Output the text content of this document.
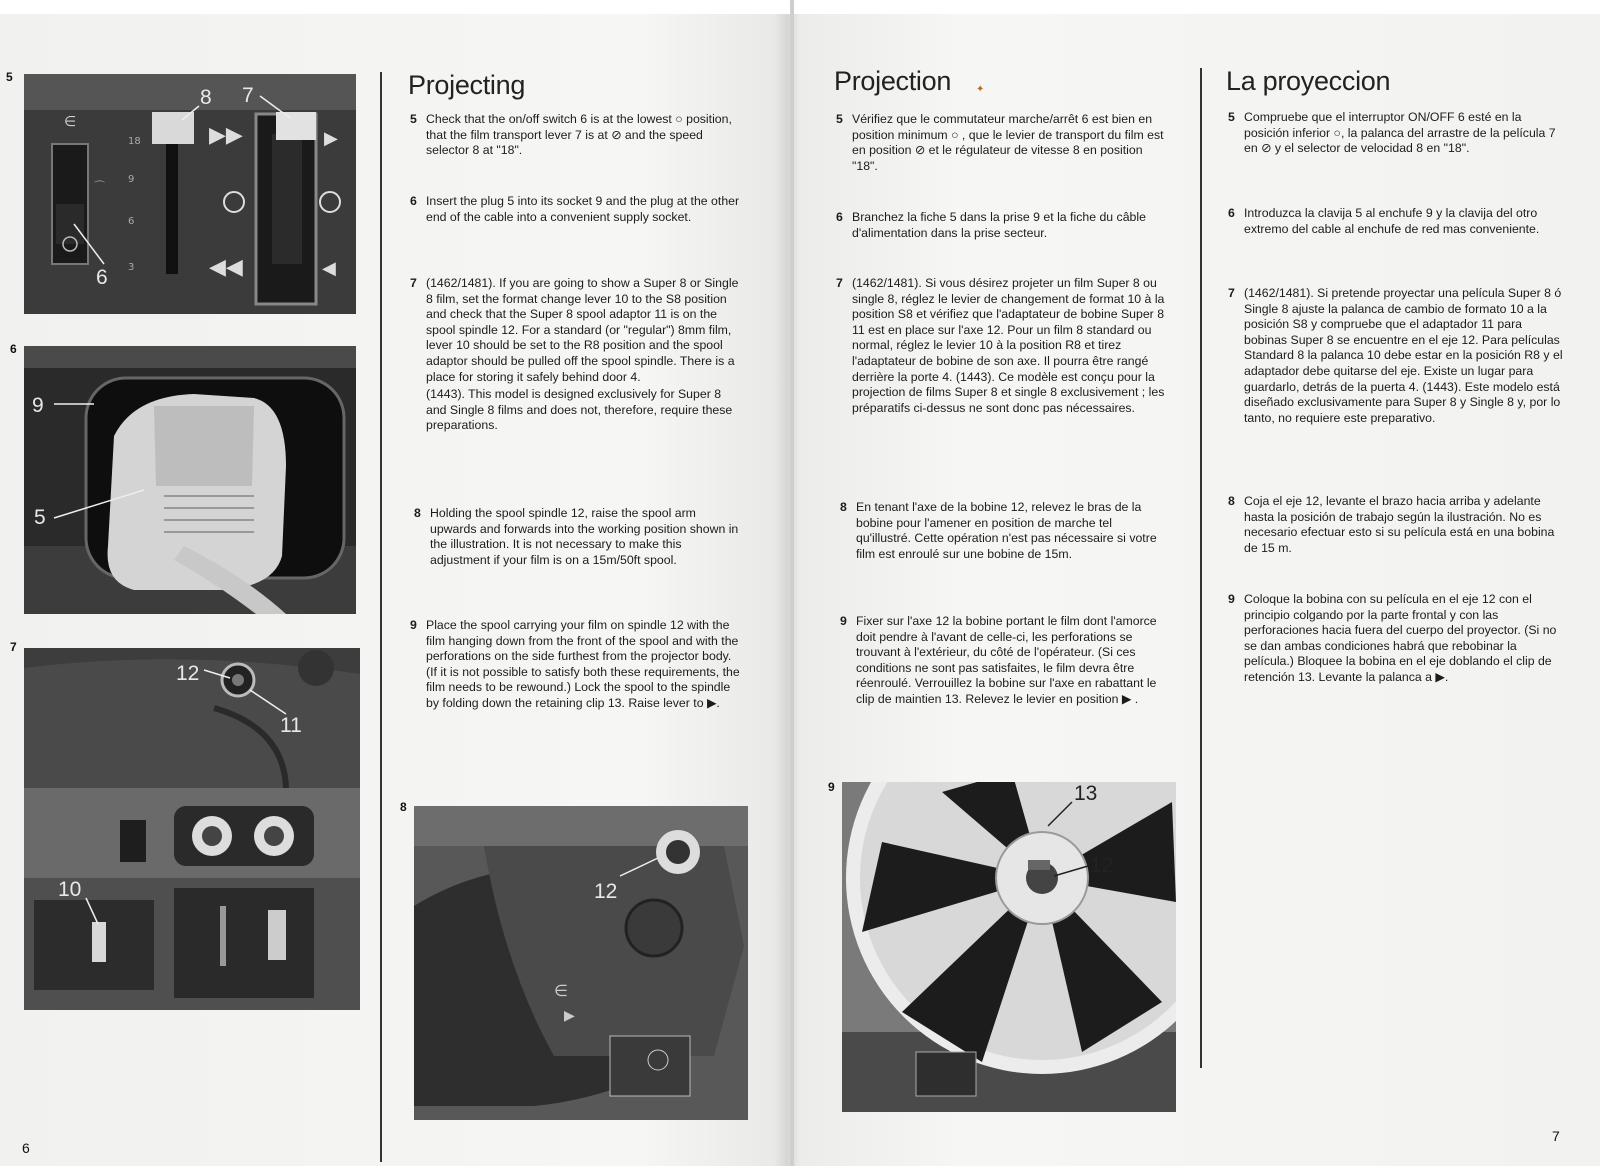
5
∈
⌒
▶▶
◀◀
▶
◀
18
9
6
3
8 7
6
6
9
5
7
12
11
10
8
∈
▶
12
Projecting
5 Check that the on/off switch 6 is at the lowest ○ position, that the film transport lever 7 is at ⊘ and the speed selector 8 at "18".
6 Insert the plug 5 into its socket 9 and the plug at the other end of the cable into a convenient supply socket.
7 (1462/1481). If you are going to show a Super 8 or Single 8 film, set the format change lever 10 to the S8 position and check that the Super 8 spool adaptor 11 is on the spool spindle 12. For a standard (or "regular") 8mm film, lever 10 should be set to the R8 position and the spool adaptor should be pulled off the spool spindle. There is a place for storing it safely behind door 4.

(1443). This model is designed exclusively for Super 8 and Single 8 films and does not, therefore, require these preparations.

8 Holding the spool spindle 12, raise the spool arm upwards and forwards into the working position shown in the illustration. It is not necessary to make this adjustment if your film is on a 15m/50ft spool.
9 Place the spool carrying your film on spindle 12 with the film hanging down from the front of the spool and with the perforations on the side furthest from the projector body. (If it is not possible to satisfy both these requirements, the film needs to be rewound.) Lock the spool to the spindle by folding down the retaining clip 13. Raise lever to ▶.
6
Projection ✦
5 Vérifiez que le commutateur marche/arrêt 6 est bien en position minimum ○ , que le levier de transport du film est en position ⊘ et le régulateur de vitesse 8 en position "18".
6 Branchez la fiche 5 dans la prise 9 et la fiche du câble d'alimentation dans la prise secteur.
7 (1462/1481). Si vous désirez projeter un film Super 8 ou single 8, réglez le levier de changement de format 10 à la position S8 et vérifiez que l'adaptateur de bobine Super 8 11 est en place sur l'axe 12. Pour un film 8 standard ou normal, réglez le levier 10 à la position R8 et tirez l'adaptateur de bobine de son axe. Il pourra être rangé derrière la porte 4. (1443). Ce modèle est conçu pour la projection de films Super 8 et single 8 exclusivement ; les préparatifs ci-dessus ne sont donc pas nécessaires.
8 En tenant l'axe de la bobine 12, relevez le bras de la bobine pour l'amener en position de marche tel qu'illustré. Cette opération n'est pas nécessaire si votre film est enroulé sur une bobine de 15m.
9 Fixer sur l'axe 12 la bobine portant le film dont l'amorce doit pendre à l'avant de celle-ci, les perforations se trouvant à l'extérieur, du côté de l'opérateur. (Si ces conditions ne sont pas satisfaites, le film devra être réenroulé. Verrouillez la bobine sur l'axe en rabattant le clip de maintien 13. Relevez le levier en position ▶ .
9	13
12
La proyeccion
5 Compruebe que el interruptor ON/OFF 6 esté en la posición inferior ○, la palanca del arrastre de la película 7 en ⊘ y el selector de velocidad 8 en "18".
6 Introduzca la clavija 5 al enchufe 9 y la clavija del otro extremo del cable al enchufe de red mas conveniente.
7 (1462/1481). Si pretende proyectar una película Super 8 ó Single 8 ajuste la palanca de cambio de formato 10 a la posición S8 y compruebe que el adaptador 11 para bobinas Super 8 se encuentre en el eje 12. Para películas Standard 8 la palanca 10 debe estar en la posición R8 y el adaptador debe quitarse del eje. Existe un lugar para guardarlo, detrás de la puerta 4. (1443). Este modelo está diseñado exclusivamente para Super 8 y Single 8 y, por lo tanto, no requiere este preparativo.
8 Coja el eje 12, levante el brazo hacia arriba y adelante hasta la posición de trabajo según la ilustración. No es necesario efectuar esto si su película está en una bobina de 15 m.
9 Coloque la bobina con su película en el eje 12 con el principio colgando por la parte frontal y con las perforaciones hacia fuera del cuerpo del proyector. (Si no se dan ambas condiciones habrá que rebobinar la película.) Bloquee la bobina en el eje doblando el clip de retención 13. Levante la palanca a ▶.
7
